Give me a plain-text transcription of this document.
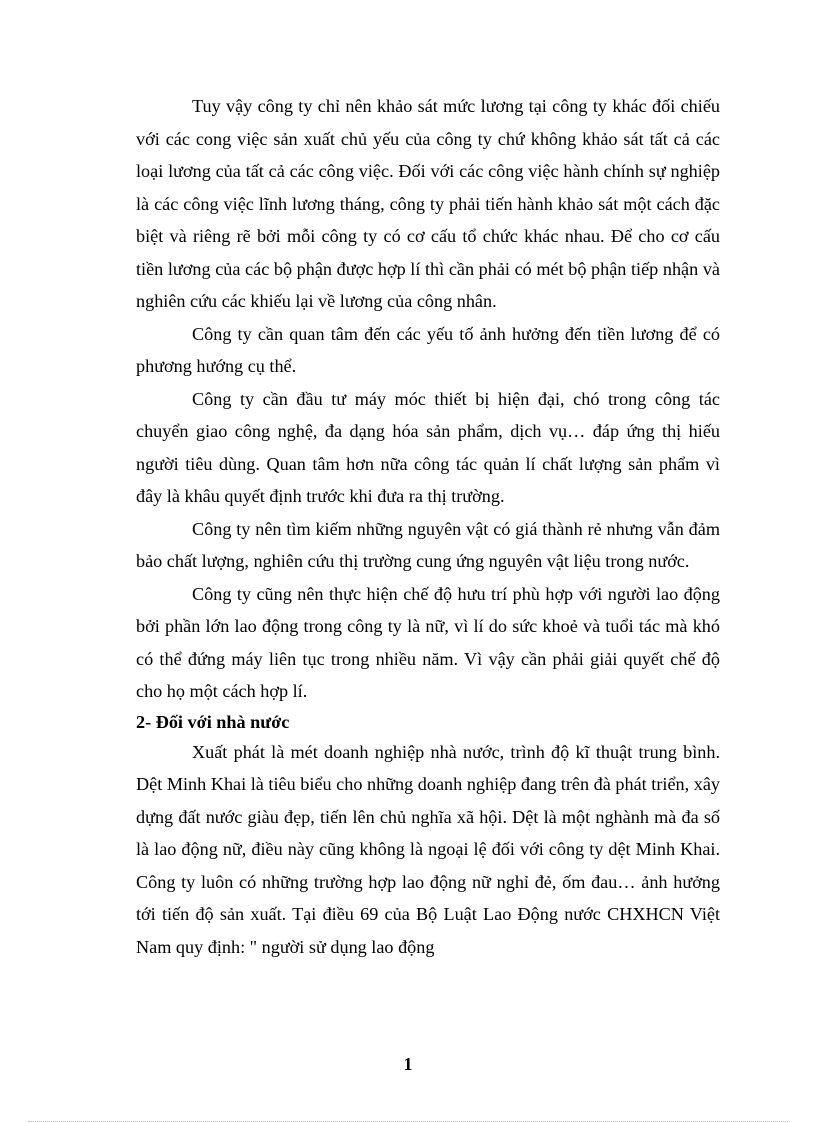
Tuy vậy công ty chỉ nên khảo sát mức lương tại công ty khác đối chiếu với các cong việc sản xuất chủ yếu của công ty chứ không khảo sát tất cả các loại lương của tất cả các công việc. Đối với các công việc hành chính sự nghiệp là các công việc lĩnh lương tháng, công ty phải tiến hành khảo sát một cách đặc biệt và riêng rẽ bởi mỗi công ty có cơ cấu tổ chức khác nhau. Để cho cơ cấu tiền lương của các bộ phận được hợp lí thì cần phải có mét bộ phận tiếp nhận và nghiên cứu các khiếu lại về lương của công nhân.

Công ty cần quan tâm đến các yếu tố ảnh hưởng đến tiền lương để có phương hướng cụ thể.

Công ty cần đầu tư máy móc thiết bị hiện đại, chó trong công tác chuyển giao công nghệ, đa dạng hóa sản phẩm, dịch vụ… đáp ứng thị hiếu người tiêu dùng. Quan tâm hơn nữa công tác quản lí chất lượng sản phẩm vì đây là khâu quyết định trước khi đưa ra thị trường.

Công ty nên tìm kiếm những nguyên vật có giá thành rẻ nhưng vẫn đảm bảo chất lượng, nghiên cứu thị trường cung ứng nguyên vật liệu trong nước.

Công ty cũng nên thực hiện chế độ hưu trí phù hợp với người lao động bởi phần lớn lao động trong công ty là nữ, vì lí do sức khoẻ và tuổi tác mà khó có thể đứng máy liên tục trong nhiều năm. Vì vậy cần phải giải quyết chế độ cho họ một cách hợp lí.

2- Đối với nhà nước

Xuất phát là mét doanh nghiệp nhà nước, trình độ kĩ thuật trung bình. Dệt Minh Khai là tiêu biểu cho những doanh nghiệp đang trên đà phát triển, xây dựng đất nước giàu đẹp, tiến lên chủ nghĩa xã hội. Dệt là một nghành mà đa số là lao động nữ, điều này cũng không là ngoại lệ đối với công ty dệt Minh Khai. Công ty luôn có những trường hợp lao động nữ nghỉ đẻ, ốm đau… ảnh hưởng tới tiến độ sản xuất. Tại điều 69 của Bộ Luật Lao Động nước CHXHCN Việt Nam quy định: " người sử dụng lao động

1
